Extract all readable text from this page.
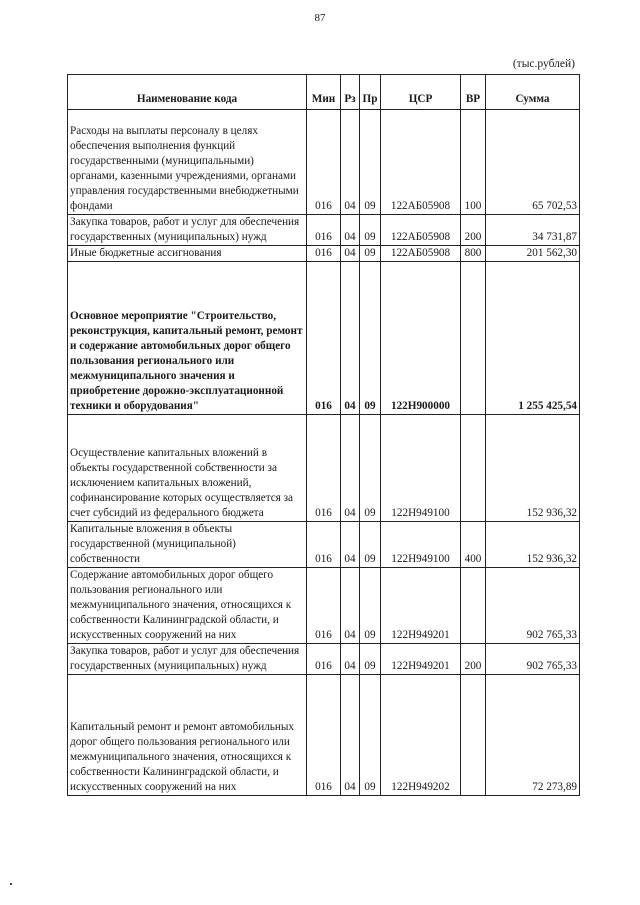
87
(тыс.рублей)
Наименование кода	Мин	Рз	Пр	ЦСР	ВР	Сумма
Расходы на выплаты персоналу в целях обеспечения выполнения функций государственными (муниципальными) органами, казенными учреждениями, органами управления государственными внебюджетными фондами	016	04	09	122АБ05908	100	65 702,53
Закупка товаров, работ и услуг для обеспечения государственных (муниципальных) нужд	016	04	09	122АБ05908	200	34 731,87
Иные бюджетные ассигнования	016	04	09	122АБ05908	800	201 562,30
Основное мероприятие "Строительство, реконструкция, капитальный ремонт, ремонт и содержание автомобильных дорог общего пользования регионального или межмуниципального значения и приобретение дорожно-эксплуатационной техники и оборудования"	016	04	09	122Н900000		1 255 425,54
Осуществление капитальных вложений в объекты государственной собственности за исключением капитальных вложений, софинансирование которых осуществляется за счет субсидий из федерального бюджета	016	04	09	122Н949100		152 936,32
Капитальные вложения в объекты государственной (муниципальной) собственности	016	04	09	122Н949100	400	152 936,32
Содержание автомобильных дорог общего пользования регионального или межмуниципального значения, относящихся к собственности Калининградской области, и искусственных сооружений на них	016	04	09	122Н949201		902 765,33
Закупка товаров, работ и услуг для обеспечения государственных (муниципальных) нужд	016	04	09	122Н949201	200	902 765,33
Капитальный ремонт и ремонт автомобильных дорог общего пользования регионального или межмуниципального значения, относящихся к собственности Калининградской области, и искусственных сооружений на них	016	04	09	122Н949202		72 273,89
